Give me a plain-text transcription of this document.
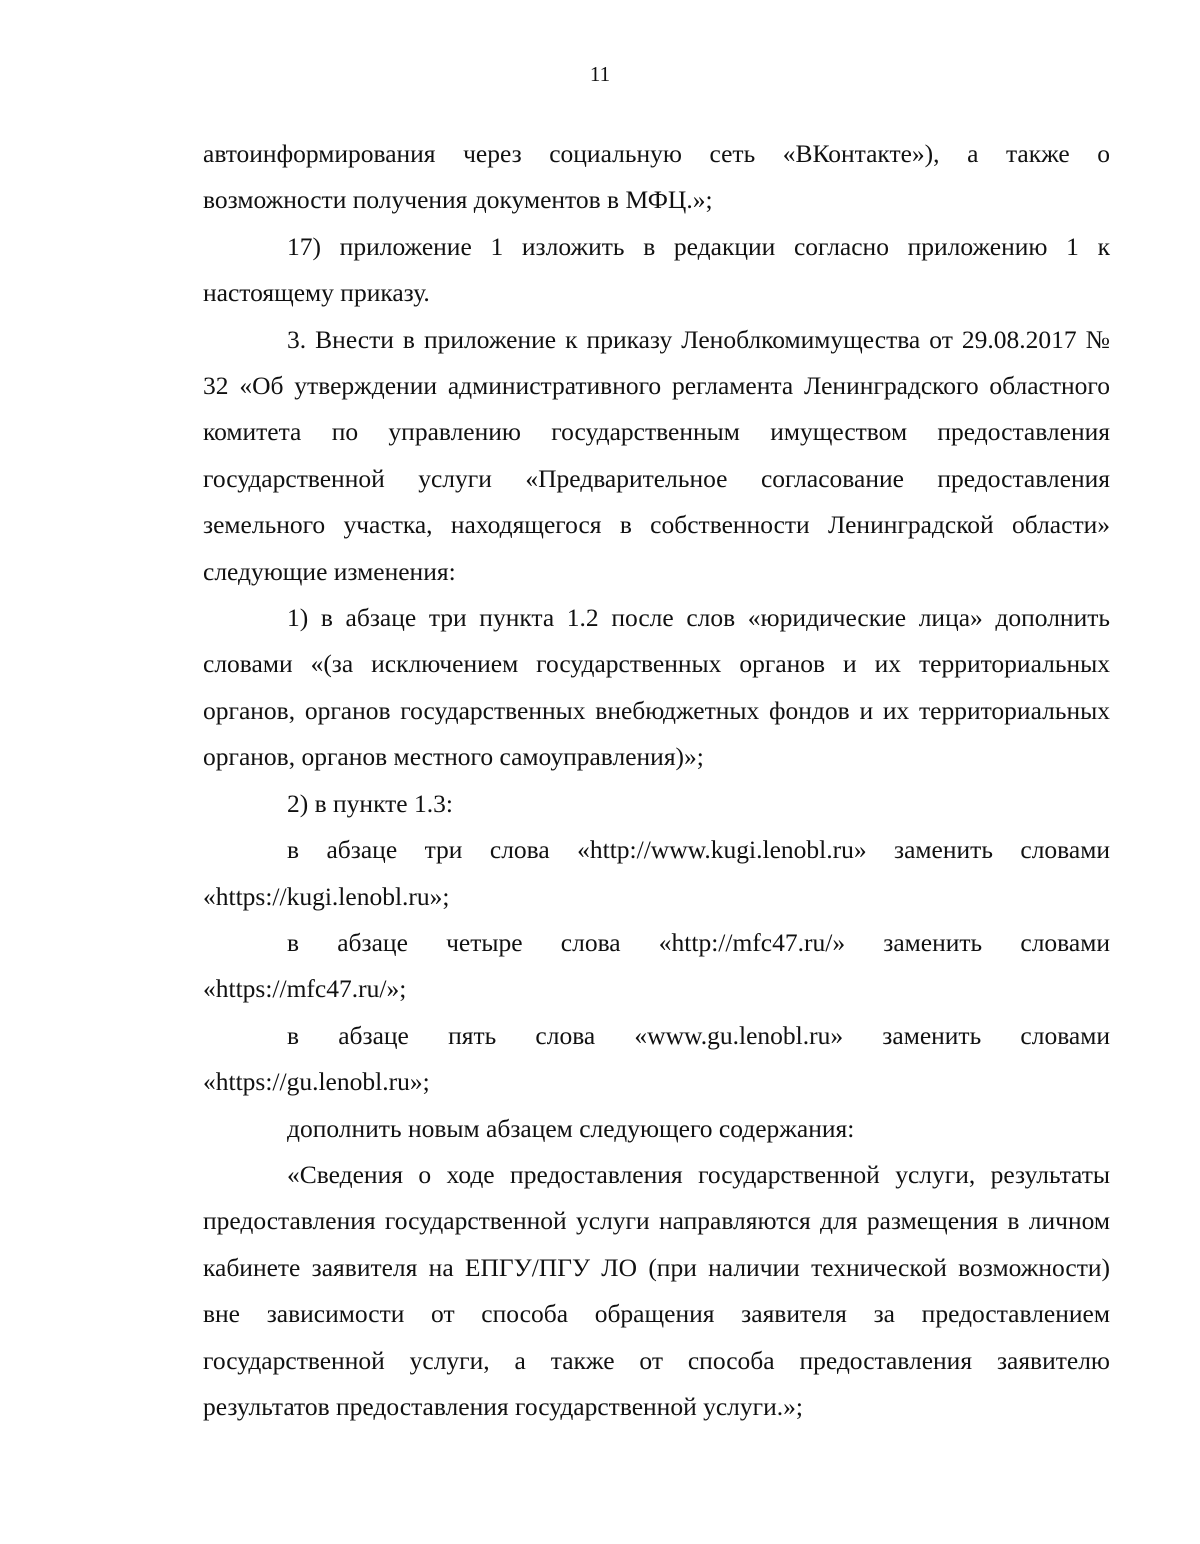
11

автоинформирования через социальную сеть «ВКонтакте»), а также о возможности получения документов в МФЦ.»;

17) приложение 1 изложить в редакции согласно приложению 1 к настоящему приказу.

3. Внести в приложение к приказу Леноблкомимущества от 29.08.2017 № 32 «Об утверждении административного регламента Ленинградского областного комитета по управлению государственным имуществом предоставления государственной услуги «Предварительное согласование предоставления земельного участка, находящегося в собственности Ленинградской области» следующие изменения:

1) в абзаце три пункта 1.2 после слов «юридические лица» дополнить словами «(за исключением государственных органов и их территориальных органов, органов государственных внебюджетных фондов и их территориальных органов, органов местного самоуправления)»;

2) в пункте 1.3:

в абзаце три слова «http://www.kugi.lenobl.ru» заменить словами «https://kugi.lenobl.ru»;

в абзаце четыре слова «http://mfc47.ru/» заменить словами «https://mfc47.ru/»;

в абзаце пять слова «www.gu.lenobl.ru» заменить словами «https://gu.lenobl.ru»;

дополнить новым абзацем следующего содержания:

«Сведения о ходе предоставления государственной услуги, результаты предоставления государственной услуги направляются для размещения в личном кабинете заявителя на ЕПГУ/ПГУ ЛО (при наличии технической возможности) вне зависимости от способа обращения заявителя за предоставлением государственной услуги, а также от способа предоставления заявителю результатов предоставления государственной услуги.»;
